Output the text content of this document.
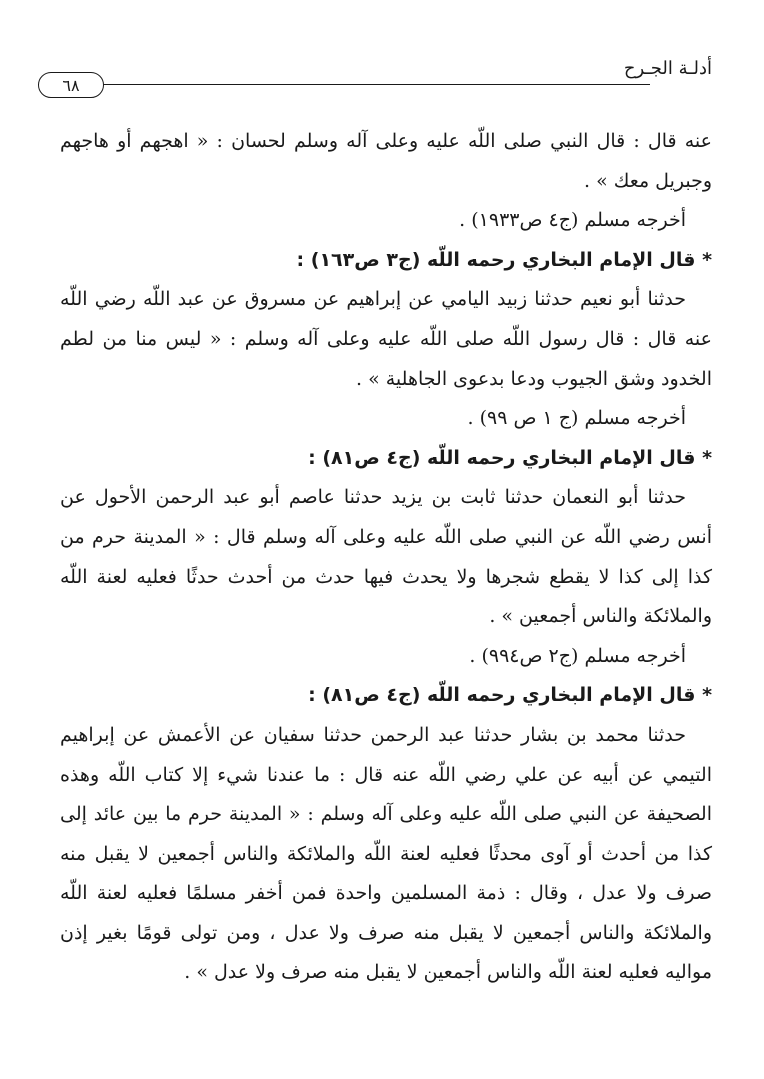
أدلـة الجـرح
٦٨

عنه قال : قال النبي صلى اللّه عليه وعلى آله وسلم لحسان : « اهجهم أو هاجهم وجبريل معك » .

أخرجه مسلم (ج٤ ص١٩٣٣) .

* قال الإمام البخاري رحمه اللّه (ج٣ ص١٦٣) :

حدثنا أبو نعيم حدثنا زبيد اليامي عن إبراهيم عن مسروق عن عبد اللّه رضي اللّه عنه قال : قال رسول اللّه صلى اللّه عليه وعلى آله وسلم : « ليس منا من لطم الخدود وشق الجيوب ودعا بدعوى الجاهلية » .

أخرجه مسلم (ج ١ ص ٩٩) .

* قال الإمام البخاري رحمه اللّه (ج٤ ص٨١) :

حدثنا أبو النعمان حدثنا ثابت بن يزيد حدثنا عاصم أبو عبد الرحمن الأحول عن أنس رضي اللّه عن النبي صلى اللّه عليه وعلى آله وسلم قال : « المدينة حرم من كذا إلى كذا لا يقطع شجرها ولا يحدث فيها حدث من أحدث حدثًا فعليه لعنة اللّه والملائكة والناس أجمعين » .

أخرجه مسلم (ج٢ ص٩٩٤) .

* قال الإمام البخاري رحمه اللّه (ج٤ ص٨١) :

حدثنا محمد بن بشار حدثنا عبد الرحمن حدثنا سفيان عن الأعمش عن إبراهيم التيمي عن أبيه عن علي رضي اللّه عنه قال : ما عندنا شيء إلا كتاب اللّه وهذه الصحيفة عن النبي صلى اللّه عليه وعلى آله وسلم : « المدينة حرم ما بين عائد إلى كذا من أحدث أو آوى محدثًا فعليه لعنة اللّه والملائكة والناس أجمعين لا يقبل منه صرف ولا عدل ، وقال : ذمة المسلمين واحدة فمن أخفر مسلمًا فعليه لعنة اللّه والملائكة والناس أجمعين لا يقبل منه صرف ولا عدل ، ومن تولى قومًا بغير إذن مواليه فعليه لعنة اللّه والناس أجمعين لا يقبل منه صرف ولا عدل » .
